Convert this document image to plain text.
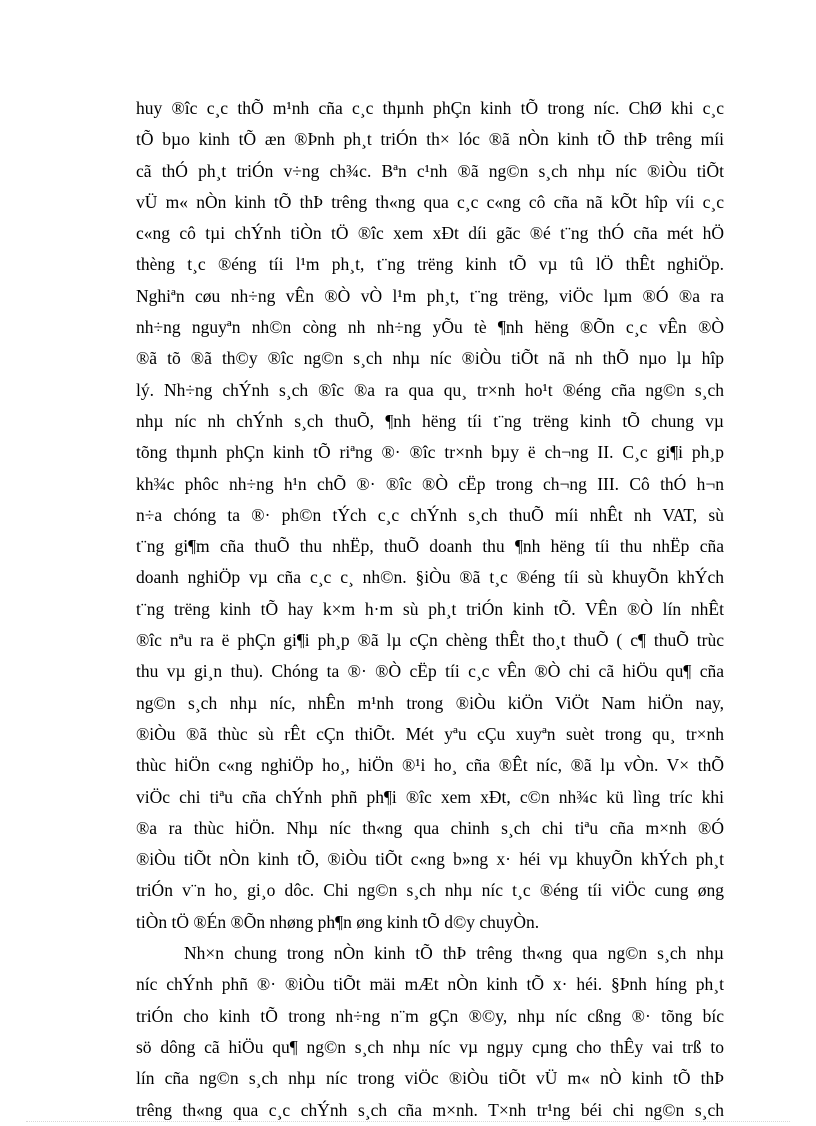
huy ®îc c¸c thÕ m¹nh cña c¸c thµnh phÇn kinh tÕ trong níc. ChØ khi c¸c
tÕ bµo kinh tÕ æn ®Þnh ph¸t triÓn th× lóc ®ã nÒn kinh tÕ thÞ trêng míi
cã thÓ ph¸t triÓn v÷ng ch¾c. Bªn c¹nh ®ã ng©n s¸ch nhµ níc ®iÒu tiÕt
vÜ m« nÒn kinh tÕ thÞ trêng th«ng qua c¸c c«ng cô cña nã kÕt hîp víi c¸c
c«ng cô tµi chÝnh tiÒn tÖ ®îc xem xÐt díi gãc ®é t¨ng thÓ cña mét hÖ
thèng t¸c ®éng tíi l¹m ph¸t, t¨ng trëng kinh tÕ vµ tû lÖ thÊt nghiÖp.
Nghiªn cøu nh÷ng vÊn ®Ò vÒ l¹m ph¸t, t¨ng trëng, viÖc lµm ®Ó ®a ra
nh÷ng nguyªn nh©n còng nh nh÷ng yÕu tè ¶nh hëng ®Õn c¸c vÊn ®Ò
®ã tõ ®ã th©y ®îc ng©n s¸ch nhµ níc ®iÒu tiÕt nã nh thÕ nµo lµ hîp
lý. Nh÷ng chÝnh s¸ch ®îc ®a ra qua qu¸ tr×nh ho¹t ®éng cña ng©n s¸ch
nhµ níc nh chÝnh s¸ch thuÕ, ¶nh hëng tíi t¨ng trëng kinh tÕ chung vµ
tõng thµnh phÇn kinh tÕ riªng ®· ®îc tr×nh bµy ë ch¬ng II. C¸c gi¶i ph¸p
kh¾c phôc nh÷ng h¹n chÕ ®· ®îc ®Ò cËp trong ch¬ng III. Cô thÓ h¬n
n÷a chóng ta ®· ph©n tÝch c¸c chÝnh s¸ch thuÕ míi nhÊt nh VAT, sù
t¨ng gi¶m cña thuÕ thu nhËp, thuÕ doanh thu ¶nh hëng tíi thu nhËp cña
doanh nghiÖp vµ cña c¸c c¸ nh©n. §iÒu ®ã t¸c ®éng tíi sù khuyÕn khÝch
t¨ng trëng kinh tÕ hay k×m h·m sù ph¸t triÓn kinh tÕ. VÊn ®Ò lín nhÊt
®îc nªu ra ë phÇn gi¶i ph¸p ®ã lµ cÇn chèng thÊt tho¸t thuÕ ( c¶ thuÕ trùc
thu vµ gi¸n thu). Chóng ta ®· ®Ò cËp tíi c¸c vÊn ®Ò chi cã hiÖu qu¶ cña
ng©n s¸ch nhµ níc, nhÊn m¹nh trong ®iÒu kiÖn ViÖt Nam hiÖn nay,
®iÒu ®ã thùc sù rÊt cÇn thiÕt. Mét yªu cÇu xuyªn suèt trong qu¸ tr×nh
thùc hiÖn c«ng nghiÖp ho¸, hiÖn ®¹i ho¸ cña ®Êt níc, ®ã lµ vÒn. V× thÕ
viÖc chi tiªu cña chÝnh phñ ph¶i ®îc xem xÐt, c©n nh¾c kü lìng tríc khi
®a ra thùc hiÖn. Nhµ níc th«ng qua chinh s¸ch chi tiªu cña m×nh ®Ó
®iÒu tiÕt nÒn kinh tÕ, ®iÒu tiÕt c«ng b»ng x· héi vµ khuyÕn khÝch ph¸t
triÓn v¨n ho¸ gi¸o dôc. Chi ng©n s¸ch nhµ níc t¸c ®éng tíi viÖc cung øng
tiÒn tÖ ®Én ®Õn nhøng ph¶n øng kinh tÕ d©y chuyÒn.
Nh×n chung trong nÒn kinh tÕ thÞ trêng th«ng qua ng©n s¸ch nhµ
níc chÝnh phñ ®· ®iÒu tiÕt mäi mÆt nÒn kinh tÕ x· héi. §Þnh híng ph¸t
triÓn cho kinh tÕ trong nh÷ng n¨m gÇn ®©y, nhµ níc cßng ®· tõng bíc
sö dông cã hiÖu qu¶ ng©n s¸ch nhµ níc vµ ngµy cµng cho thÊy vai trß to
lín cña ng©n s¸ch nhµ níc trong viÖc ®iÒu tiÕt vÜ m« nÒ kinh tÕ thÞ
trêng th«ng qua c¸c chÝnh s¸ch cña m×nh. T×nh tr¹ng béi chi ng©n s¸ch
